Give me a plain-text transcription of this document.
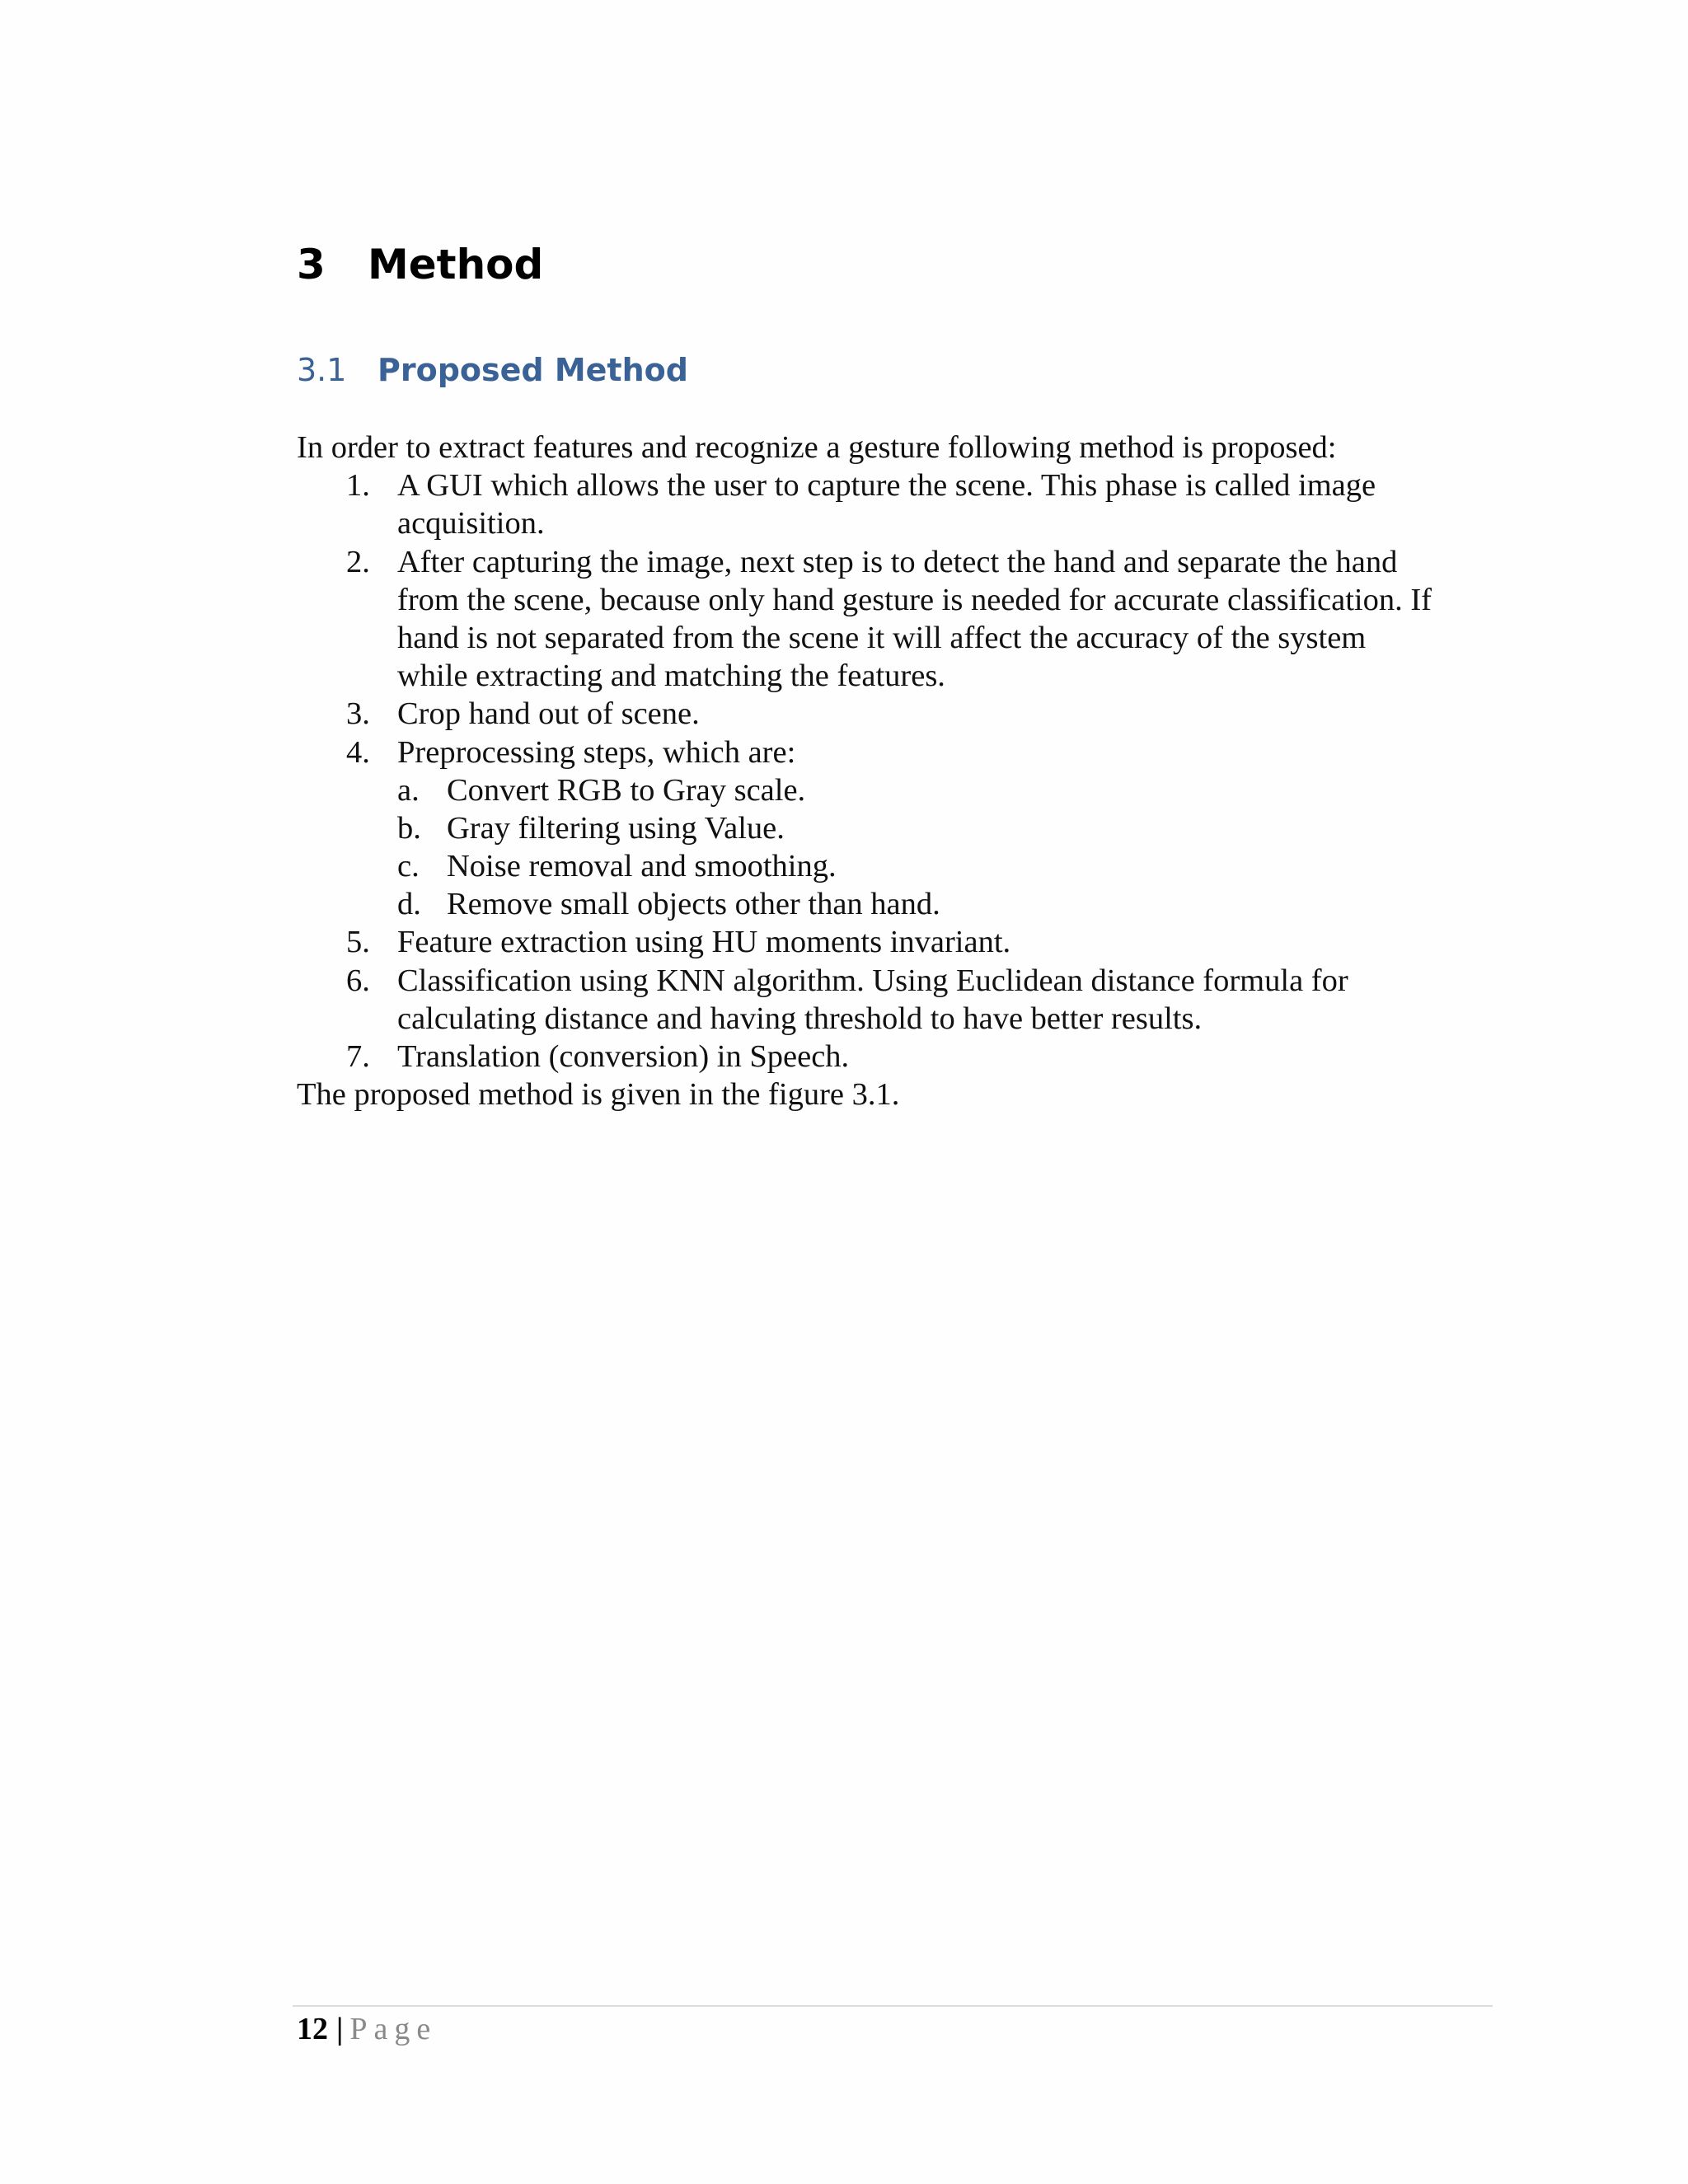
3 Method
3.1 Proposed Method
In order to extract features and recognize a gesture following method is proposed:
1. A GUI which allows the user to capture the scene. This phase is called image
acquisition.
2. After capturing the image, next step is to detect the hand and separate the hand
from the scene, because only hand gesture is needed for accurate classification. If
hand is not separated from the scene it will affect the accuracy of the system
while extracting and matching the features.
3. Crop hand out of scene.
4. Preprocessing steps, which are:
a. Convert RGB to Gray scale.
b. Gray filtering using Value.
c. Noise removal and smoothing.
d. Remove small objects other than hand.
5. Feature extraction using HU moments invariant.
6. Classification using KNN algorithm. Using Euclidean distance formula for
calculating distance and having threshold to have better results.
7. Translation (conversion) in Speech.
The proposed method is given in the figure 3.1.
12 | Page
